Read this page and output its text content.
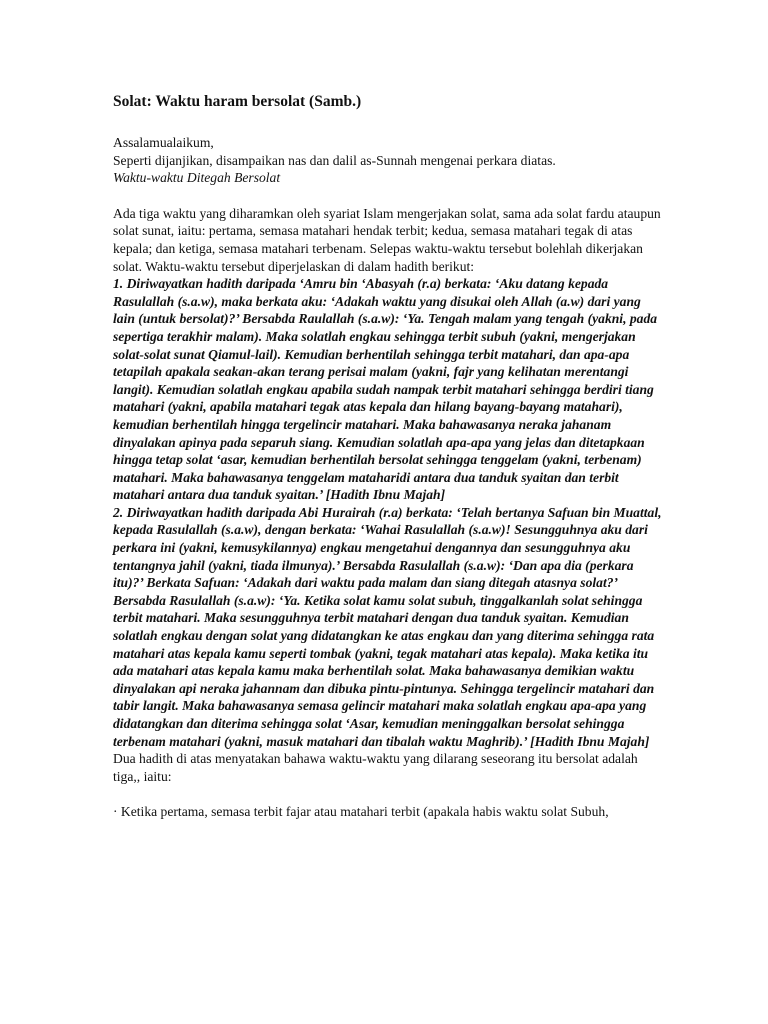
Solat: Waktu haram bersolat (Samb.)

Assalamualaikum,

Seperti dijanjikan, disampaikan nas dan dalil as-Sunnah mengenai perkara diatas.

Waktu-waktu Ditegah Bersolat

Ada tiga waktu yang diharamkan oleh syariat Islam mengerjakan solat, sama ada solat fardu ataupun solat sunat, iaitu: pertama, semasa matahari hendak terbit; kedua, semasa matahari tegak di atas kepala; dan ketiga, semasa matahari terbenam. Selepas waktu-waktu tersebut bolehlah dikerjakan solat. Waktu-waktu tersebut diperjelaskan di dalam hadith berikut:

1. Diriwayatkan hadith daripada ‘Amru bin ‘Abasyah (r.a) berkata: ‘Aku datang kepada Rasulallah (s.a.w), maka berkata aku: ‘Adakah waktu yang disukai oleh Allah (a.w) dari yang lain (untuk bersolat)?’ Bersabda Raulallah (s.a.w): ‘Ya. Tengah malam yang tengah (yakni, pada sepertiga terakhir malam). Maka solatlah engkau sehingga terbit subuh (yakni, mengerjakan solat-solat sunat Qiamul-lail). Kemudian berhentilah sehingga terbit matahari, dan apa-apa tetapilah apakala seakan-akan terang perisai malam (yakni, fajr yang kelihatan merentangi langit). Kemudian solatlah engkau apabila sudah nampak terbit matahari sehingga berdiri tiang matahari (yakni, apabila matahari tegak atas kepala dan hilang bayang-bayang matahari), kemudian berhentilah hingga tergelincir matahari. Maka bahawasanya neraka jahanam dinyalakan apinya pada separuh siang. Kemudian solatlah apa-apa yang jelas dan ditetapkaan hingga tetap solat ‘asar, kemudian berhentilah bersolat sehingga tenggelam (yakni, terbenam) matahari. Maka bahawasanya tenggelam mataharidi antara dua tanduk syaitan dan terbit matahari antara dua tanduk syaitan.’ [Hadith Ibnu Majah]

2. Diriwayatkan hadith daripada Abi Hurairah (r.a) berkata: ‘Telah bertanya Safuan bin Muattal, kepada Rasulallah (s.a.w), dengan berkata: ‘Wahai Rasulallah (s.a.w)! Sesungguhnya aku dari perkara ini (yakni, kemusykilannya) engkau mengetahui dengannya dan sesungguhnya aku tentangnya jahil (yakni, tiada ilmunya).’ Bersabda Rasulallah (s.a.w): ‘Dan apa dia (perkara itu)?’ Berkata Safuan: ‘Adakah dari waktu pada malam dan siang ditegah atasnya solat?’ Bersabda Rasulallah (s.a.w): ‘Ya. Ketika solat kamu solat subuh, tinggalkanlah solat sehingga terbit matahari. Maka sesungguhnya terbit matahari dengan dua tanduk syaitan. Kemudian solatlah engkau dengan solat yang didatangkan ke atas engkau dan yang diterima sehingga rata matahari atas kepala kamu seperti tombak (yakni, tegak matahari atas kepala). Maka ketika itu ada matahari atas kepala kamu maka berhentilah solat. Maka bahawasanya demikian waktu dinyalakan api neraka jahannam dan dibuka pintu-pintunya. Sehingga tergelincir matahari dan tabir langit. Maka bahawasanya semasa gelincir matahari maka solatlah engkau apa-apa yang didatangkan dan diterima sehingga solat ‘Asar, kemudian meninggalkan bersolat sehingga terbenam matahari (yakni, masuk matahari dan tibalah waktu Maghrib).’ [Hadith Ibnu Majah]

Dua hadith di atas menyatakan bahawa waktu-waktu yang dilarang seseorang itu bersolat adalah tiga,, iaitu:

· Ketika pertama, semasa terbit fajar atau matahari terbit (apakala habis waktu solat Subuh,
